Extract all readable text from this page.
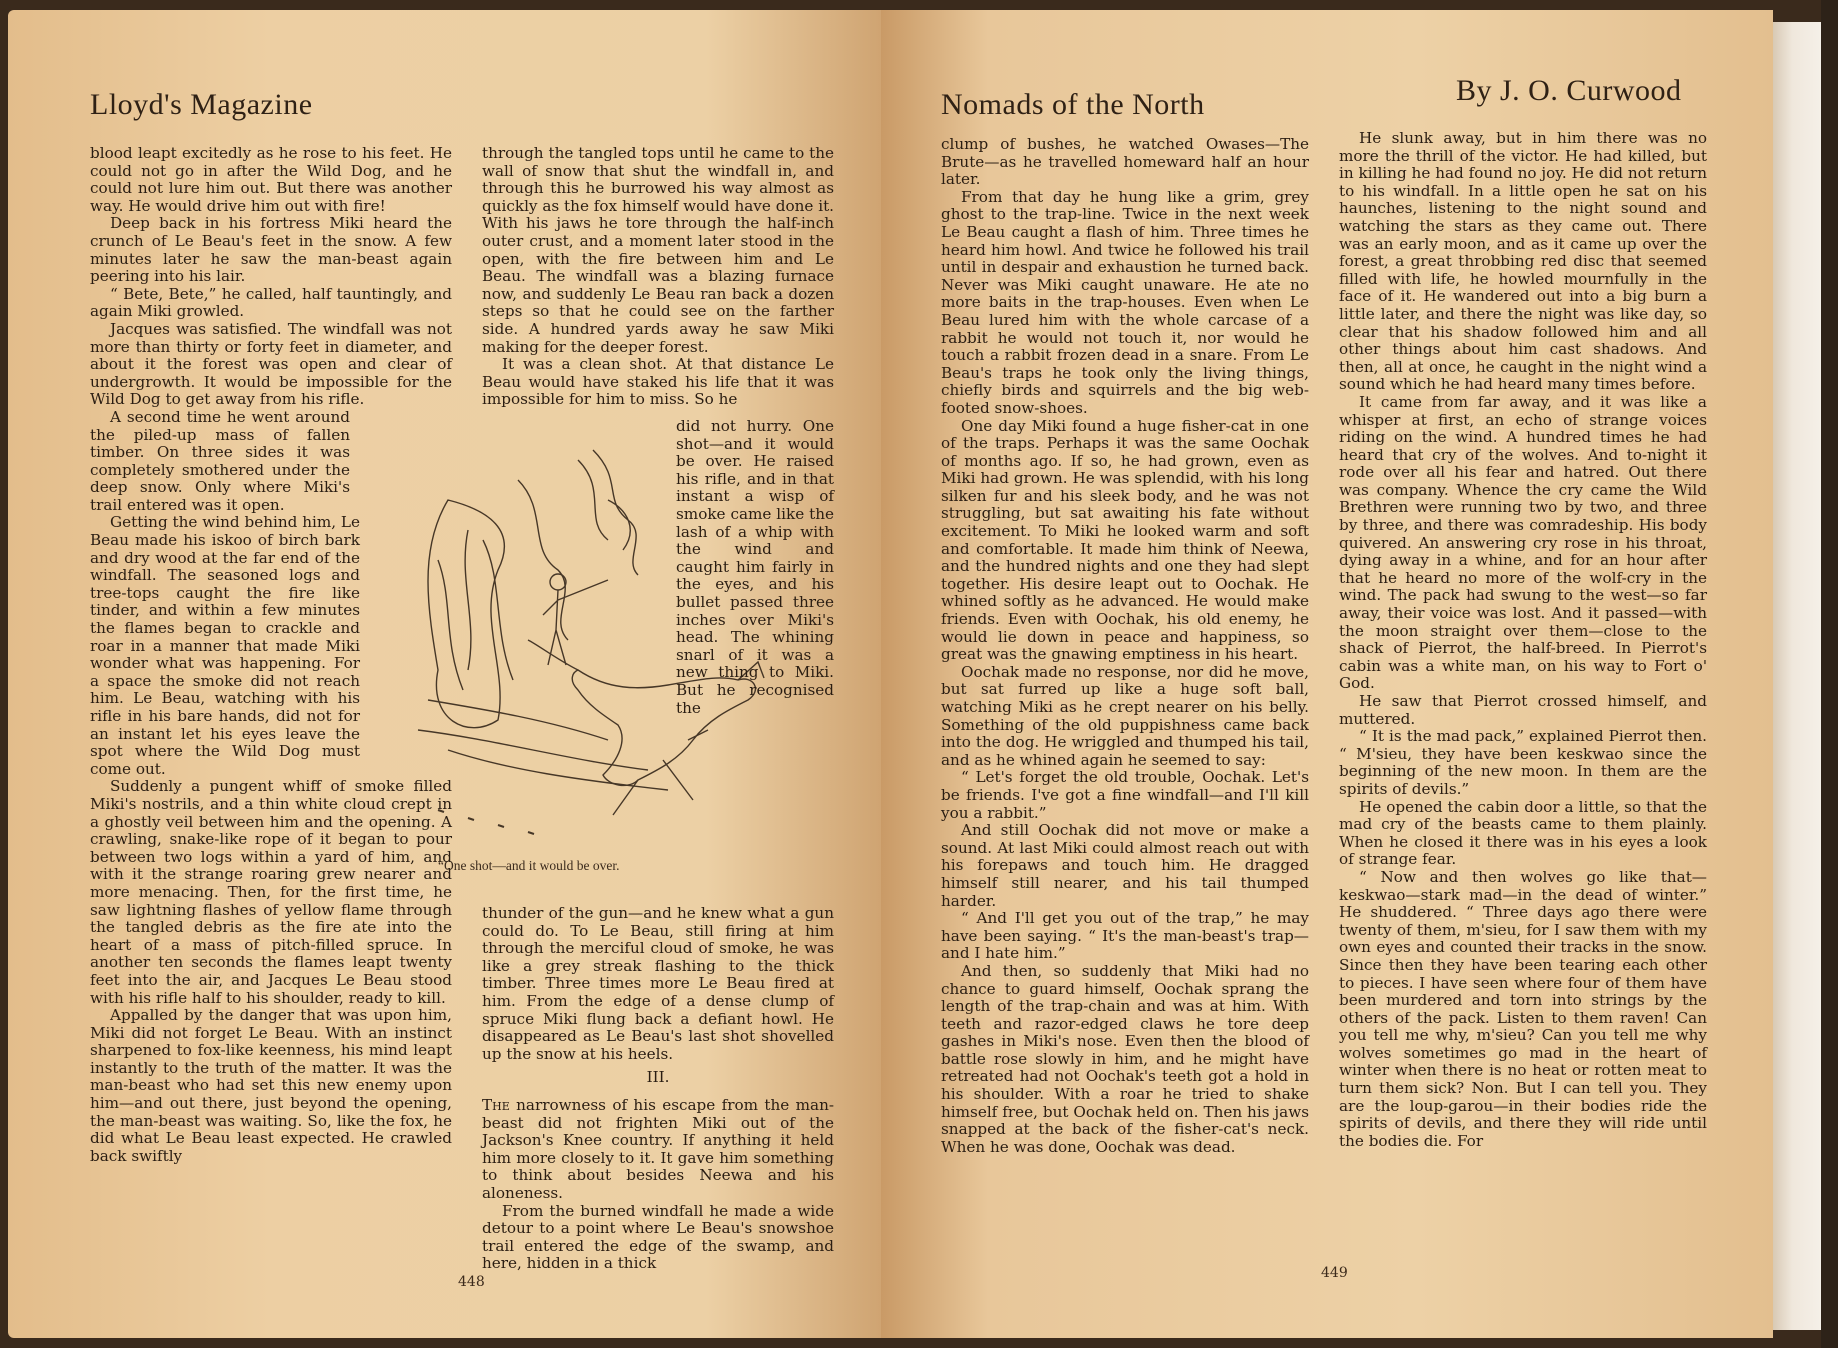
Lloyd's Magazine

blood leapt excitedly as he rose to his feet. He could not go in after the Wild Dog, and he could not lure him out. But there was another way. He would drive him out with fire!

Deep back in his fortress Miki heard the crunch of Le Beau's feet in the snow. A few minutes later he saw the man-beast again peering into his lair.

“ Bete, Bete,” he called, half tauntingly, and again Miki growled.

Jacques was satisfied. The windfall was not more than thirty or forty feet in diameter, and about it the forest was open and clear of undergrowth. It would be impossible for the Wild Dog to get away from his rifle.

A second time he went around the piled-up mass of fallen timber. On three sides it was completely smothered under the deep snow. Only where Miki's trail entered was it open.

Getting the wind behind him, Le Beau made his iskoo of birch bark and dry wood at the far end of the windfall. The seasoned logs and tree-tops caught the fire like tinder, and within a few minutes the flames began to crackle and roar in a manner that made Miki wonder what was happening. For a space the smoke did not reach him. Le Beau, watching with his rifle in his bare hands, did not for an instant let his eyes leave the spot where the Wild Dog must come out.

Suddenly a pungent whiff of smoke filled Miki's nostrils, and a thin white cloud crept in a ghostly veil between him and the opening. A crawling, snake-like rope of it began to pour between two logs within a yard of him, and with it the strange roaring grew nearer and more menacing. Then, for the first time, he saw lightning flashes of yellow flame through the tangled debris as the fire ate into the heart of a mass of pitch-filled spruce. In another ten seconds the flames leapt twenty feet into the air, and Jacques Le Beau stood with his rifle half to his shoulder, ready to kill.

Appalled by the danger that was upon him, Miki did not forget Le Beau. With an instinct sharpened to fox-like keenness, his mind leapt instantly to the truth of the matter. It was the man-beast who had set this new enemy upon him—and out there, just beyond the opening, the man-beast was waiting. So, like the fox, he did what Le Beau least expected. He crawled back swiftly

through the tangled tops until he came to the wall of snow that shut the windfall in, and through this he burrowed his way almost as quickly as the fox himself would have done it. With his jaws he tore through the half-inch outer crust, and a moment later stood in the open, with the fire between him and Le Beau. The windfall was a blazing furnace now, and suddenly Le Beau ran back a dozen steps so that he could see on the farther side. A hundred yards away he saw Miki making for the deeper forest.

It was a clean shot. At that distance Le Beau would have staked his life that it was impossible for him to miss. So he

did not hurry. One shot—and it would be over. He raised his rifle, and in that instant a wisp of smoke came like the lash of a whip with the wind and caught him fairly in the eyes, and his bullet passed three inches over Miki's head. The whining snarl of it was a new thing to Miki. But he recognised the
“One shot—and it would be over.

thunder of the gun—and he knew what a gun could do. To Le Beau, still firing at him through the merciful cloud of smoke, he was like a grey streak flashing to the thick timber. Three times more Le Beau fired at him. From the edge of a dense clump of spruce Miki flung back a defiant howl. He disappeared as Le Beau's last shot shovelled up the snow at his heels.

III.

The narrowness of his escape from the man-beast did not frighten Miki out of the Jackson's Knee country. If anything it held him more closely to it. It gave him something to think about besides Neewa and his aloneness.

From the burned windfall he made a wide detour to a point where Le Beau's snowshoe trail entered the edge of the swamp, and here, hidden in a thick

448
Nomads of the North	By J. O. Curwood

clump of bushes, he watched Owases—The Brute—as he travelled homeward half an hour later.

From that day he hung like a grim, grey ghost to the trap-line. Twice in the next week Le Beau caught a flash of him. Three times he heard him howl. And twice he followed his trail until in despair and exhaustion he turned back. Never was Miki caught unaware. He ate no more baits in the trap-houses. Even when Le Beau lured him with the whole carcase of a rabbit he would not touch it, nor would he touch a rabbit frozen dead in a snare. From Le Beau's traps he took only the living things, chiefly birds and squirrels and the big web-footed snow-shoes.

One day Miki found a huge fisher-cat in one of the traps. Perhaps it was the same Oochak of months ago. If so, he had grown, even as Miki had grown. He was splendid, with his long silken fur and his sleek body, and he was not struggling, but sat awaiting his fate without excitement. To Miki he looked warm and soft and comfortable. It made him think of Neewa, and the hundred nights and one they had slept together. His desire leapt out to Oochak. He whined softly as he advanced. He would make friends. Even with Oochak, his old enemy, he would lie down in peace and happiness, so great was the gnawing emptiness in his heart.

Oochak made no response, nor did he move, but sat furred up like a huge soft ball, watching Miki as he crept nearer on his belly. Something of the old puppishness came back into the dog. He wriggled and thumped his tail, and as he whined again he seemed to say:

“ Let's forget the old trouble, Oochak. Let's be friends. I've got a fine windfall—and I'll kill you a rabbit.”

And still Oochak did not move or make a sound. At last Miki could almost reach out with his forepaws and touch him. He dragged himself still nearer, and his tail thumped harder.

“ And I'll get you out of the trap,” he may have been saying. “ It's the man-beast's trap—and I hate him.”

And then, so suddenly that Miki had no chance to guard himself, Oochak sprang the length of the trap-chain and was at him. With teeth and razor-edged claws he tore deep gashes in Miki's nose. Even then the blood of battle rose slowly in him, and he might have retreated had not Oochak's teeth got a hold in his shoulder. With a roar he tried to shake himself free, but Oochak held on. Then his jaws snapped at the back of the fisher-cat's neck. When he was done, Oochak was dead.

He slunk away, but in him there was no more the thrill of the victor. He had killed, but in killing he had found no joy. He did not return to his windfall. In a little open he sat on his haunches, listening to the night sound and watching the stars as they came out. There was an early moon, and as it came up over the forest, a great throbbing red disc that seemed filled with life, he howled mournfully in the face of it. He wandered out into a big burn a little later, and there the night was like day, so clear that his shadow followed him and all other things about him cast shadows. And then, all at once, he caught in the night wind a sound which he had heard many times before.

It came from far away, and it was like a whisper at first, an echo of strange voices riding on the wind. A hundred times he had heard that cry of the wolves. And to-night it rode over all his fear and hatred. Out there was company. Whence the cry came the Wild Brethren were running two by two, and three by three, and there was comradeship. His body quivered. An answering cry rose in his throat, dying away in a whine, and for an hour after that he heard no more of the wolf-cry in the wind. The pack had swung to the west—so far away, their voice was lost. And it passed—with the moon straight over them—close to the shack of Pierrot, the half-breed. In Pierrot's cabin was a white man, on his way to Fort o' God.

He saw that Pierrot crossed himself, and muttered.

“ It is the mad pack,” explained Pierrot then. “ M'sieu, they have been keskwao since the beginning of the new moon. In them are the spirits of devils.”

He opened the cabin door a little, so that the mad cry of the beasts came to them plainly. When he closed it there was in his eyes a look of strange fear.

“ Now and then wolves go like that—keskwao—stark mad—in the dead of winter.” He shuddered. “ Three days ago there were twenty of them, m'sieu, for I saw them with my own eyes and counted their tracks in the snow. Since then they have been tearing each other to pieces. I have seen where four of them have been murdered and torn into strings by the others of the pack. Listen to them raven! Can you tell me why, m'sieu? Can you tell me why wolves sometimes go mad in the heart of winter when there is no heat or rotten meat to turn them sick? Non. But I can tell you. They are the loup-garou—in their bodies ride the spirits of devils, and there they will ride until the bodies die. For

449
